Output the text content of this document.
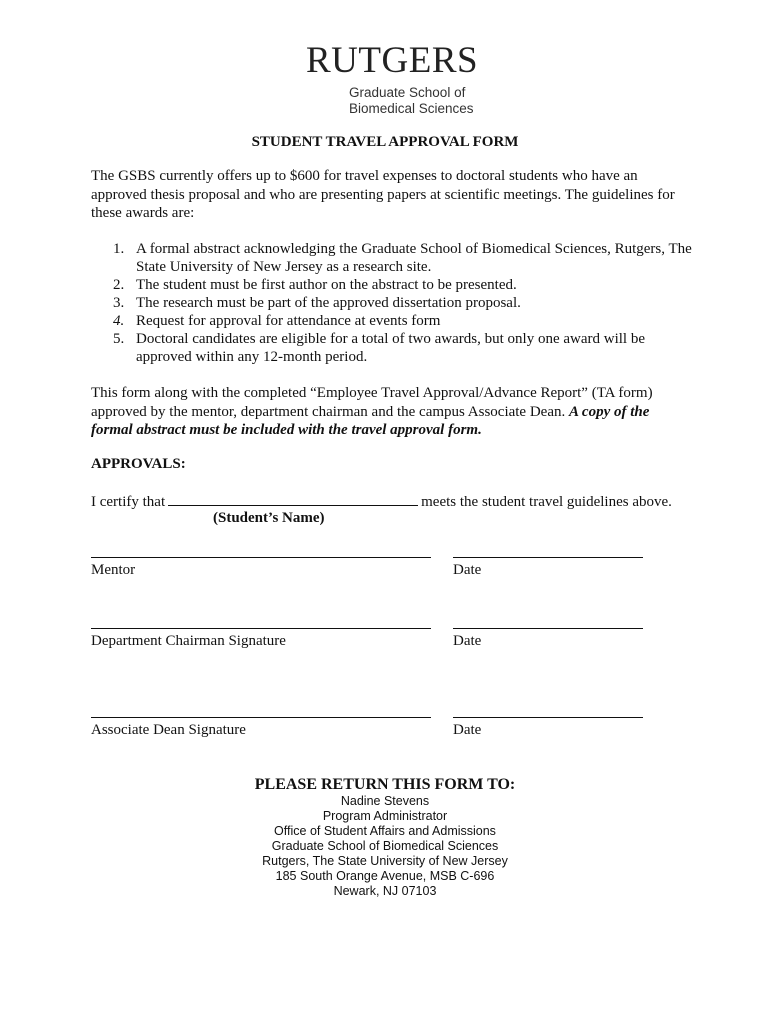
RUTGERS
Graduate School of
Biomedical Sciences
STUDENT TRAVEL APPROVAL FORM
The GSBS currently offers up to $600 for travel expenses to doctoral students who have an approved thesis proposal and who are presenting papers at scientific meetings. The guidelines for these awards are:
1. A formal abstract acknowledging the Graduate School of Biomedical Sciences, Rutgers, The State University of New Jersey as a research site.
2. The student must be first author on the abstract to be presented.
3. The research must be part of the approved dissertation proposal.
4. Request for approval for attendance at events form
5. Doctoral candidates are eligible for a total of two awards, but only one award will be approved within any 12-month period.
This form along with the completed “Employee Travel Approval/Advance Report” (TA form) approved by the mentor, department chairman and the campus Associate Dean. A copy of the formal abstract must be included with the travel approval form.
APPROVALS:
I certify that	meets the student travel guidelines above.
(Student’s Name)
Mentor	Date
Department Chairman Signature	Date
Associate Dean Signature	Date
PLEASE RETURN THIS FORM TO:
Nadine Stevens
Program Administrator
Office of Student Affairs and Admissions
Graduate School of Biomedical Sciences
Rutgers, The State University of New Jersey
185 South Orange Avenue, MSB C-696
Newark, NJ 07103
